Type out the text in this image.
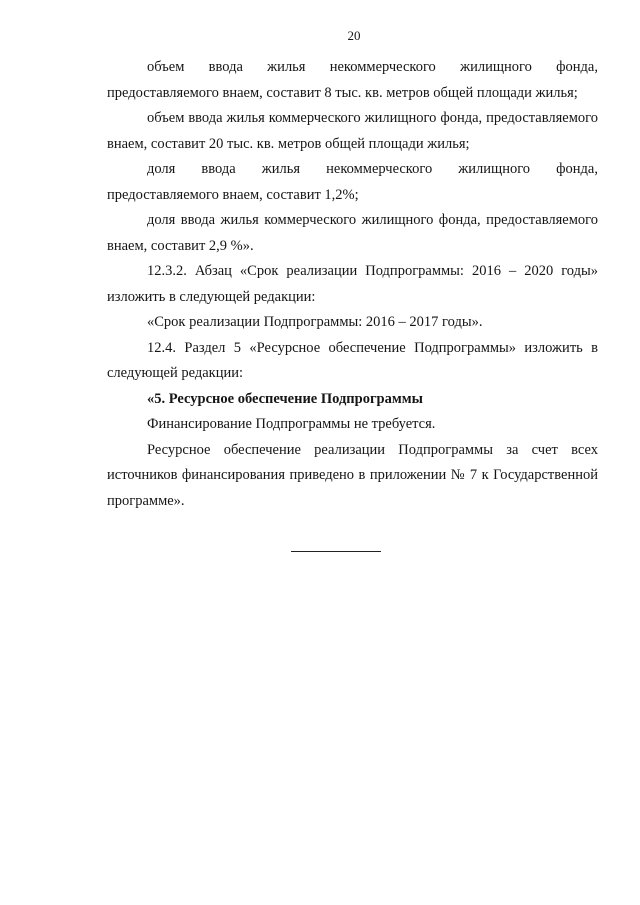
20

объем ввода жилья некоммерческого жилищного фонда, предоставляемого внаем, составит 8 тыс. кв. метров общей площади жилья;

объем ввода жилья коммерческого жилищного фонда, предоставляемого внаем, составит 20 тыс. кв. метров общей площади жилья;

доля ввода жилья некоммерческого жилищного фонда, предоставляемого внаем, составит 1,2%;

доля ввода жилья коммерческого жилищного фонда, предоставляемого внаем, составит 2,9 %».

12.3.2. Абзац «Срок реализации Подпрограммы: 2016 – 2020 годы» изложить в следующей редакции:

«Срок реализации Подпрограммы: 2016 – 2017 годы».

12.4. Раздел 5 «Ресурсное обеспечение Подпрограммы» изложить в следующей редакции:

«5. Ресурсное обеспечение Подпрограммы

Финансирование Подпрограммы не требуется.

Ресурсное обеспечение реализации Подпрограммы за счет всех источников финансирования приведено в приложении № 7 к Государственной программе».
